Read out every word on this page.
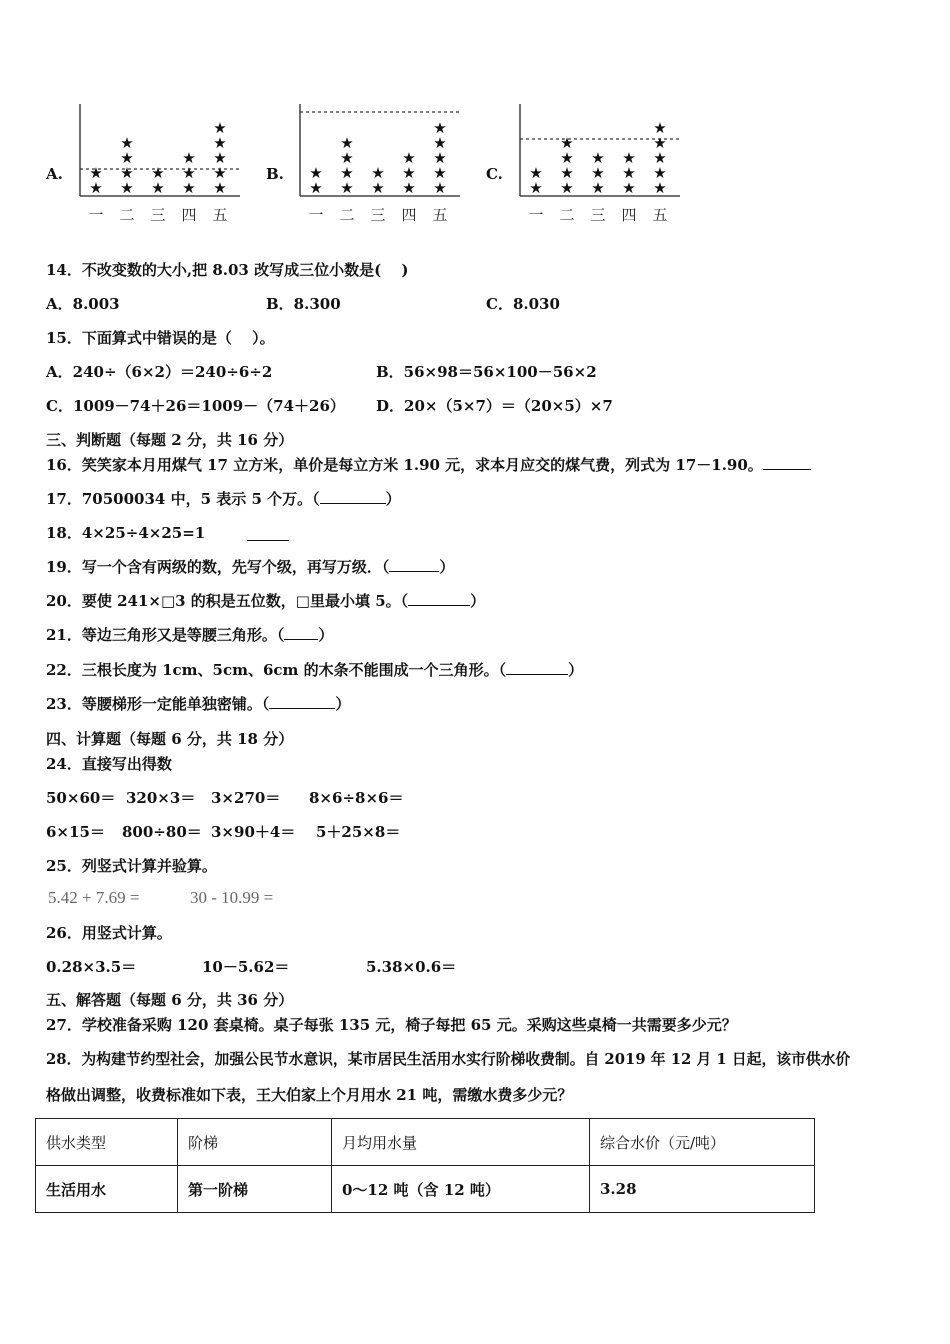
A.
★
★
一
★
★
★
★
二
★
★
三
★
★
★
四
★
★
★
★
★
五
B.
★
★
一
★
★
★
★
二
★
★
三
★
★
★
四
★
★
★
★
★
五
C.
★
★
一
★
★
★
★
二
★
★
★
三
★
★
★
四
★
★
★
★
★
五
14．不改变数的大小,把 8.03 改写成三位小数是(　 )
A．8.003	B．8.300	C．8.030
15．下面算式中错误的是（　 ）。
A．240÷（6×2）＝240÷6÷2	B．56×98＝56×100－56×2
C．1009－74＋26＝1009－（74＋26） D．20×（5×7）＝（20×5）×7
三、判断题（每题 2 分，共 16 分）
16．笑笑家本月用煤气 17 立方米，单价是每立方米 1.90 元，求本月应交的煤气费，列式为 17－1.90。
17．70500034 中，5 表示 5 个万。（	）
18．4×25÷4×25=1
19．写一个含有两级的数，先写个级，再写万级．（	）
20．要使 241×□3 的积是五位数，□里最小填 5。（	）
21．等边三角形又是等腰三角形。（ ）
22．三根长度为 1cm、5cm、6cm 的木条不能围成一个三角形。（	）
23．等腰梯形一定能单独密铺。（	）
四、计算题（每题 6 分，共 18 分）
24．直接写出得数
50×60＝ 320×3＝ 3×270＝ 8×6÷8×6＝
6×15＝ 800÷80＝ 3×90＋4＝ 5＋25×8＝
25．列竖式计算并验算。
5.42 + 7.69 =	30 - 10.99 =
26．用竖式计算。
0.28×3.5＝	10－5.62＝	5.38×0.6＝
五、解答题（每题 6 分，共 36 分）
27．学校准备采购 120 套桌椅。桌子每张 135 元，椅子每把 65 元。采购这些桌椅一共需要多少元？
28．为构建节约型社会，加强公民节水意识，某市居民生活用水实行阶梯收费制。自 2019 年 12 月 1 日起，该市供水价
格做出调整，收费标准如下表，王大伯家上个月用水 21 吨，需缴水费多少元？
供水类型	阶梯	月均用水量	综合水价（元/吨）
生活用水	第一阶梯	0～12 吨（含 12 吨）	3.28
